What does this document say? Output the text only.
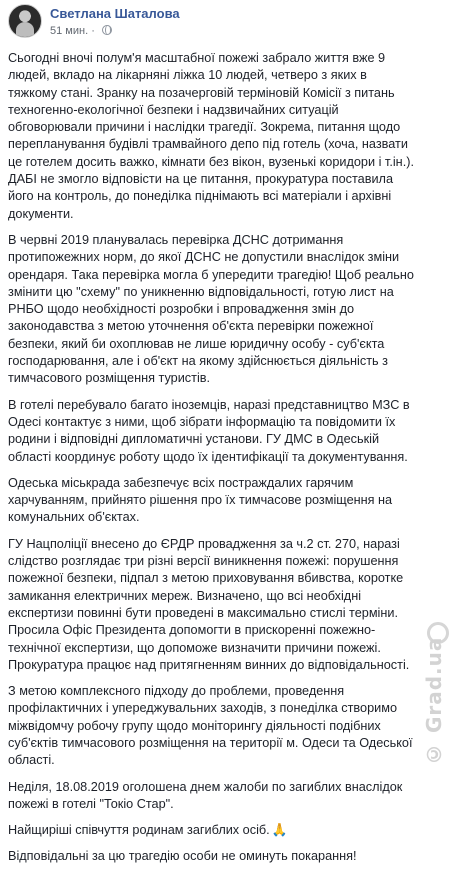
Светлана Шаталова
51 мин. ·

Сьогодні вночі полум'я масштабної пожежі забрало життя вже 9 людей, вкладо на лікарняні ліжка 10 людей, четверо з яких в тяжкому стані. Зранку на позачерговій терміновій Комісії з питань техногенно-екологічної безпеки і надзвичайних ситуацій обговорювали причини і наслідки трагедії. Зокрема, питання щодо перепланування будівлі трамвайного депо під готель (хоча, назвати це готелем досить важко, кімнати без вікон, вузенькі коридори і т.ін.). ДАБІ не змогло відповісти на це питання, прокуратура поставила його на контроль, до понеділка піднімають всі матеріали і архівні документи.

В червні 2019 планувалась перевірка ДСНС дотримання протипожежних норм, до якої ДСНС не допустили внаслідок зміни орендаря. Така перевірка могла б упередити трагедію! Щоб реально змінити цю "схему" по уникненню відповідальності, готую лист на РНБО щодо необхідності розробки і впровадження змін до законодавства з метою уточнення об'єкта перевірки пожежної безпеки, який би охоплював не лише юридичну особу - суб'єкта господарювання, але і об'єкт на якому здійснюється діяльність з тимчасового розміщення туристів.

В готелі перебувало багато іноземців, наразі представництво МЗС в Одесі контактує з ними, щоб зібрати інформацію та повідомити їх родини і відповідні дипломатичні установи. ГУ ДМС в Одеській області координує роботу щодо їх ідентифікації та документування.

Одеська міськрада забезпечує всіх постраждалих гарячим харчуванням, прийнято рішення про їх тимчасове розміщення на комунальних об'єктах.

ГУ Нацполіції внесено до ЄРДР провадження за ч.2 ст. 270, наразі слідство розглядає три різні версії виникнення пожежі: порушення пожежної безпеки, підпал з метою приховування вбивства, коротке замикання електричних мереж. Визначено, що всі необхідні експертизи повинні бути проведені в максимально стислі терміни. Просила Офіс Президента допомогти в прискоренні пожежно-технічної експертизи, що допоможе визначити причини пожежі. Прокуратура працює над притягненням винних до відповідальності.

З метою комплексного підходу до проблеми, проведення профілактичних і упереджувальних заходів, з понеділка створимо міжвідомчу робочу групу щодо моніторингу діяльності подібних суб'єктів тимчасового розміщення на території м. Одеси та Одеської області.

Неділя, 18.08.2019 оголошена днем жалоби по загиблих внаслідок пожежі в готелі "Токіо Стар".

Найщиріші співчуття родинам загиблих осіб. 🙏

Відповідальні за цю трагедію особи не оминуть покарання!

© Grad.ua
